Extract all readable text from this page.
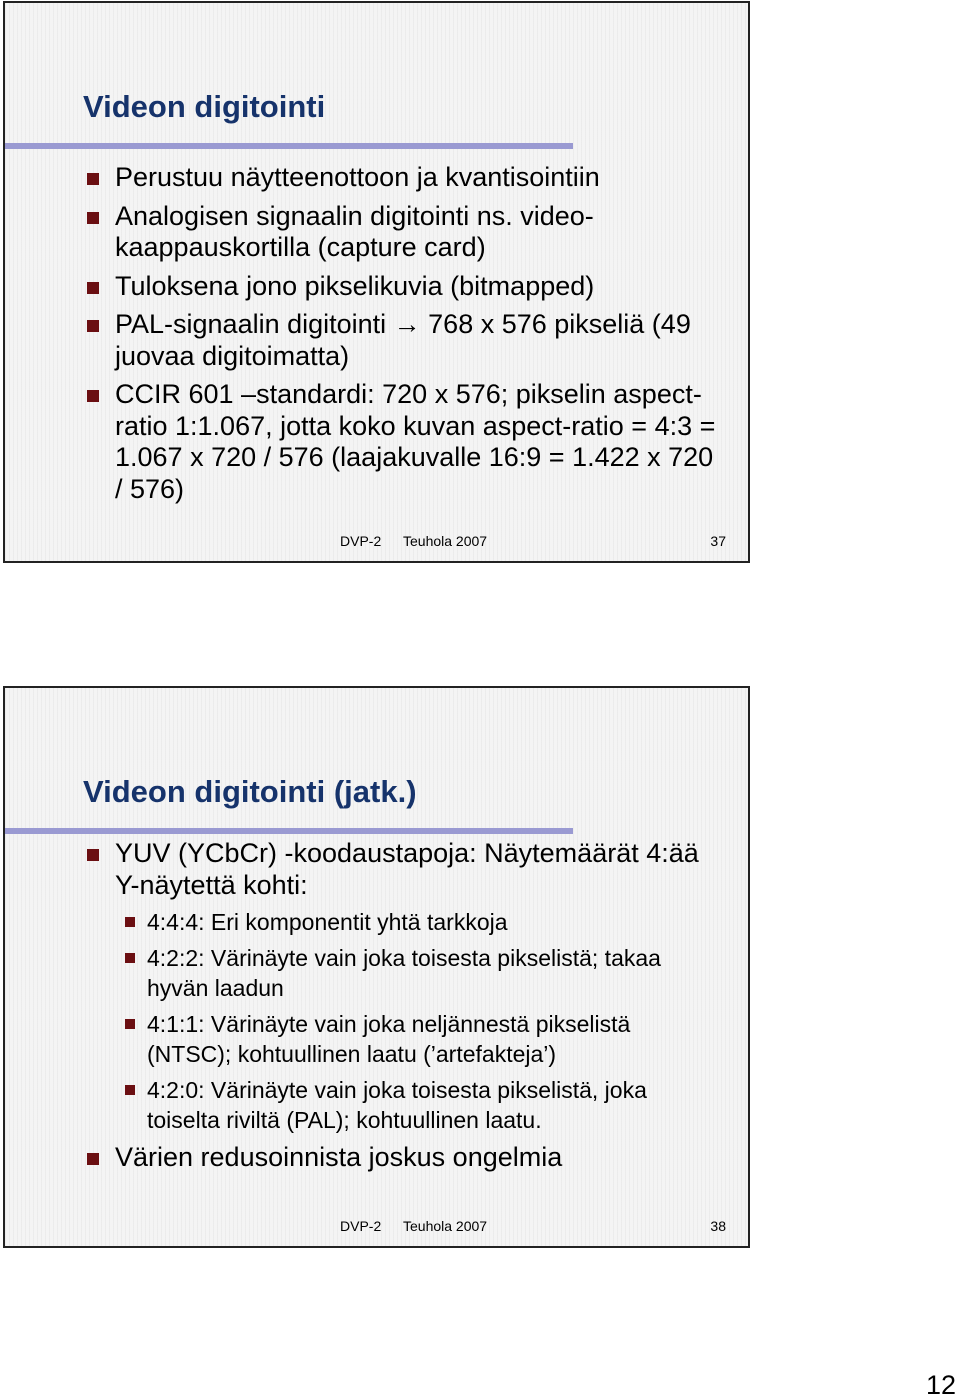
Videon digitointi
Perustuu näytteenottoon ja kvantisointiin
Analogisen signaalin digitointi ns. video-kaappauskortilla (capture card)
Tuloksena jono pikselikuvia (bitmapped)
PAL-signaalin digitointi → 768 x 576 pikseliä (49 juovaa digitoimatta)
CCIR 601 –standardi: 720 x 576; pikselin aspect-ratio 1:1.067, jotta koko kuvan aspect-ratio = 4:3 = 1.067 x 720 / 576 (laajakuvalle 16:9 = 1.422 x 720 / 576)
DVP-2 Teuhola 2007	37
Videon digitointi (jatk.)
YUV (YCbCr) -koodaustapoja: Näytemäärät 4:ää Y-näytettä kohti:
4:4:4: Eri komponentit yhtä tarkkoja
4:2:2: Värinäyte vain joka toisesta pikselistä; takaa hyvän laadun
4:1:1: Värinäyte vain joka neljännestä pikselistä (NTSC); kohtuullinen laatu (’artefakteja’)
4:2:0: Värinäyte vain joka toisesta pikselistä, joka toiselta riviltä (PAL); kohtuullinen laatu.
Värien redusoinnista joskus ongelmia
DVP-2 Teuhola 2007	38
12
